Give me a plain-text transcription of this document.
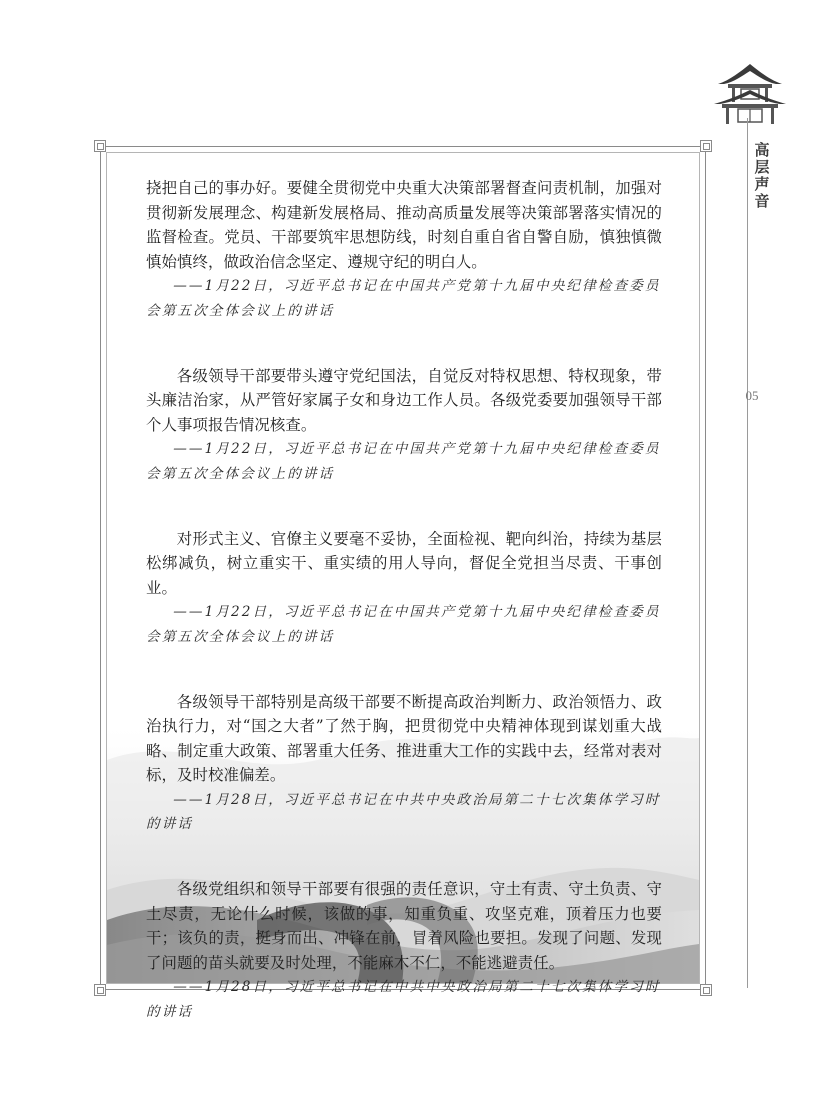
高层声音
05

挠把自己的事办好。要健全贯彻党中央重大决策部署督查问责机制，加强对贯彻新发展理念、构建新发展格局、推动高质量发展等决策部署落实情况的监督检查。党员、干部要筑牢思想防线，时刻自重自省自警自励，慎独慎微慎始慎终，做政治信念坚定、遵规守纪的明白人。

——1月22日，习近平总书记在中国共产党第十九届中央纪律检查委员会第五次全体会议上的讲话

各级领导干部要带头遵守党纪国法，自觉反对特权思想、特权现象，带头廉洁治家，从严管好家属子女和身边工作人员。各级党委要加强领导干部个人事项报告情况核查。

——1月22日，习近平总书记在中国共产党第十九届中央纪律检查委员会第五次全体会议上的讲话

对形式主义、官僚主义要毫不妥协，全面检视、靶向纠治，持续为基层松绑减负，树立重实干、重实绩的用人导向，督促全党担当尽责、干事创业。

——1月22日，习近平总书记在中国共产党第十九届中央纪律检查委员会第五次全体会议上的讲话

各级领导干部特别是高级干部要不断提高政治判断力、政治领悟力、政治执行力，对“国之大者”了然于胸，把贯彻党中央精神体现到谋划重大战略、制定重大政策、部署重大任务、推进重大工作的实践中去，经常对表对标，及时校准偏差。

——1月28日，习近平总书记在中共中央政治局第二十七次集体学习时的讲话

各级党组织和领导干部要有很强的责任意识，守土有责、守土负责、守土尽责，无论什么时候，该做的事，知重负重、攻坚克难，顶着压力也要干；该负的责，挺身而出、冲锋在前，冒着风险也要担。发现了问题、发现了问题的苗头就要及时处理，不能麻木不仁，不能逃避责任。

——1月28日，习近平总书记在中共中央政治局第二十七次集体学习时的讲话
